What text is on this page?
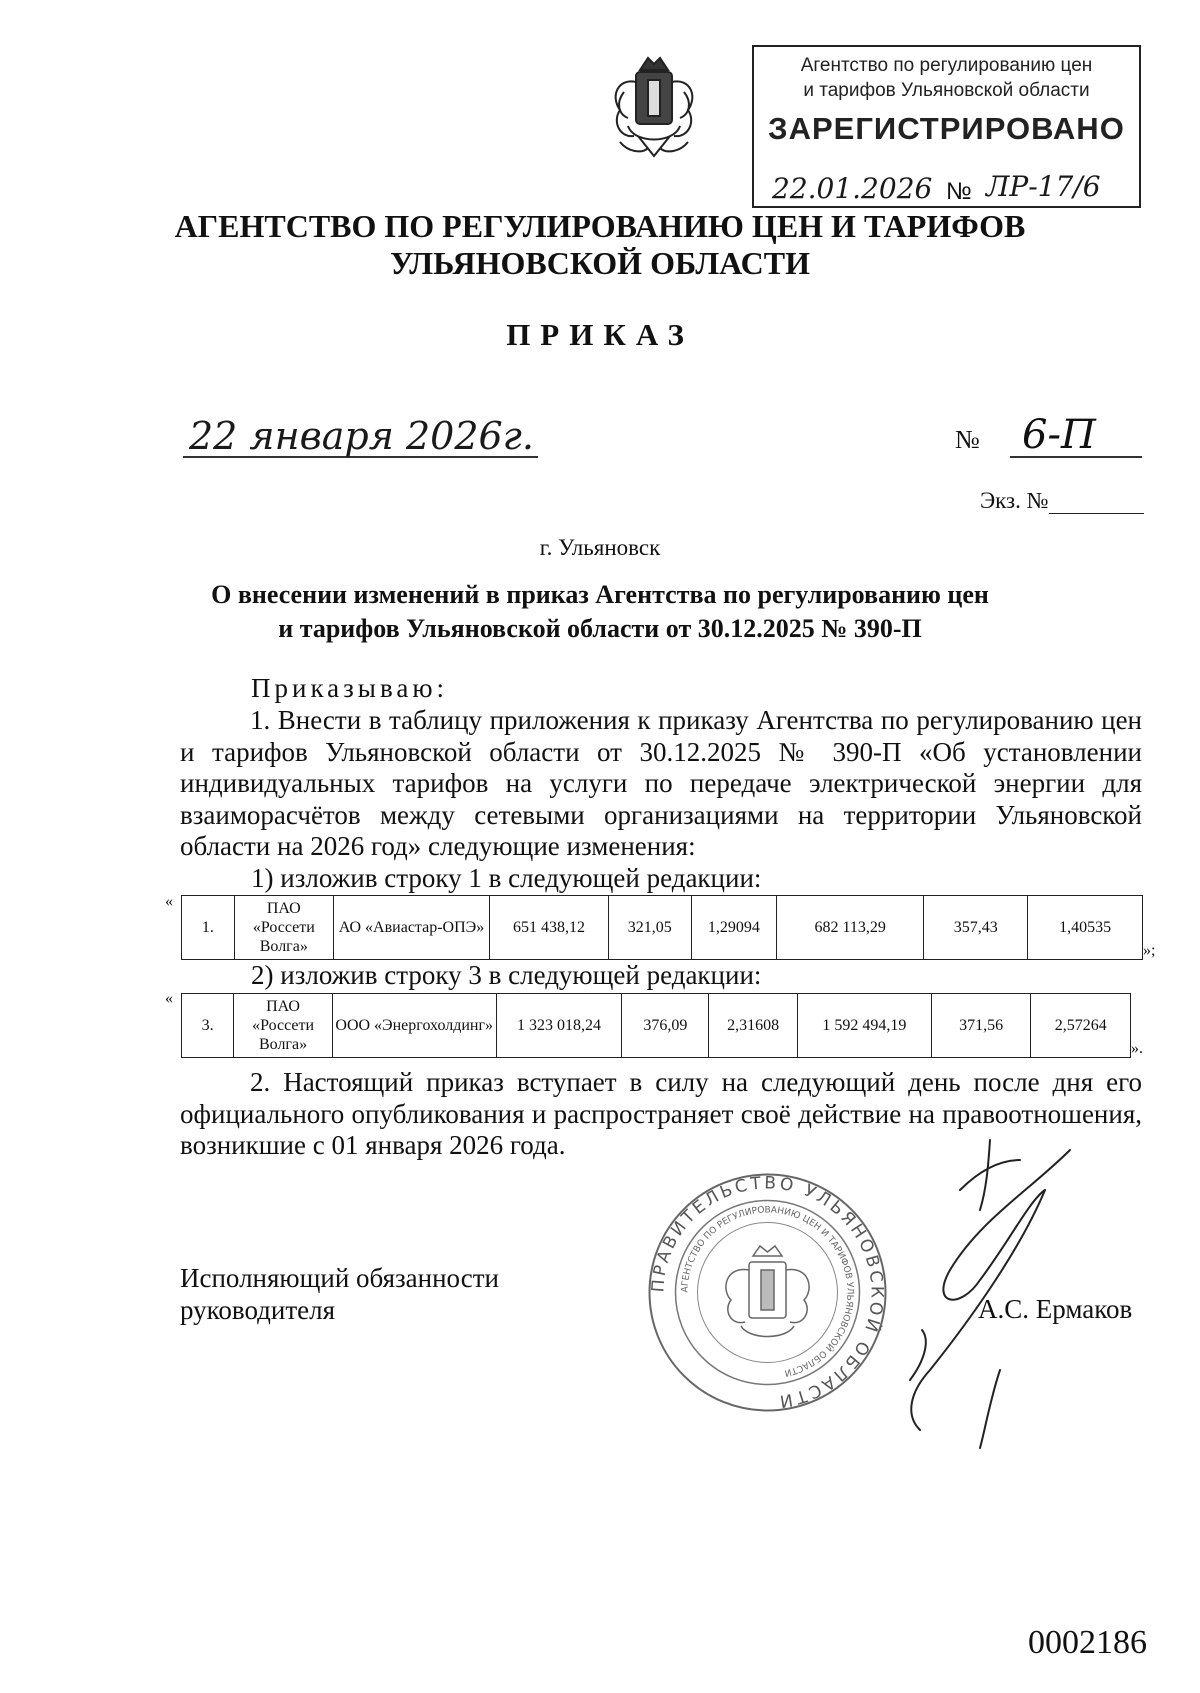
Агентство по регулированию цен
и тарифов Ульяновской области
ЗАРЕГИСТРИРОВАНО
22.01.2026 № ЛР-17/6
АГЕНТСТВО ПО РЕГУЛИРОВАНИЮ ЦЕН И ТАРИФОВ
УЛЬЯНОВСКОЙ ОБЛАСТИ
ПРИКАЗ
22 января 2026г.	№	6-П
Экз. №
г. Ульяновск
О внесении изменений в приказ Агентства по регулированию цен
и тарифов Ульяновской области от 30.12.2025 № 390-П
Приказываю:
1. Внести в таблицу приложения к приказу Агентства по регулированию цен и тарифов Ульяновской области от 30.12.2025 № 390-П «Об установлении индивидуальных тарифов на услуги по передаче электрической энергии для взаиморасчётов между сетевыми организациями на территории Ульяновской области на 2026 год» следующие изменения:
1) изложив строку 1 в следующей редакции:
«
1.	ПАО «Россети Волга»	АО «Авиастар-ОПЭ»	651 438,12	321,05	1,29094	682 113,29	357,43	1,40535
»;
2) изложив строку 3 в следующей редакции:
«
3.	ПАО «Россети Волга»	ООО «Энергохолдинг»	1 323 018,24	376,09	2,31608	1 592 494,19	371,56	2,57264
».
2. Настоящий приказ вступает в силу на следующий день после дня его официального опубликования и распространяет своё действие на правоотношения, возникшие с 01 января 2026 года.
ПРАВИТЕЛЬСТВО УЛЬЯНОВСКОЙ ОБЛАСТИ
АГЕНТСТВО ПО РЕГУЛИРОВАНИЮ ЦЕН И ТАРИФОВ УЛЬЯНОВСКОЙ ОБЛАСТИ
Исполняющий обязанности
руководителя	А.С. Ермаков
0002186
